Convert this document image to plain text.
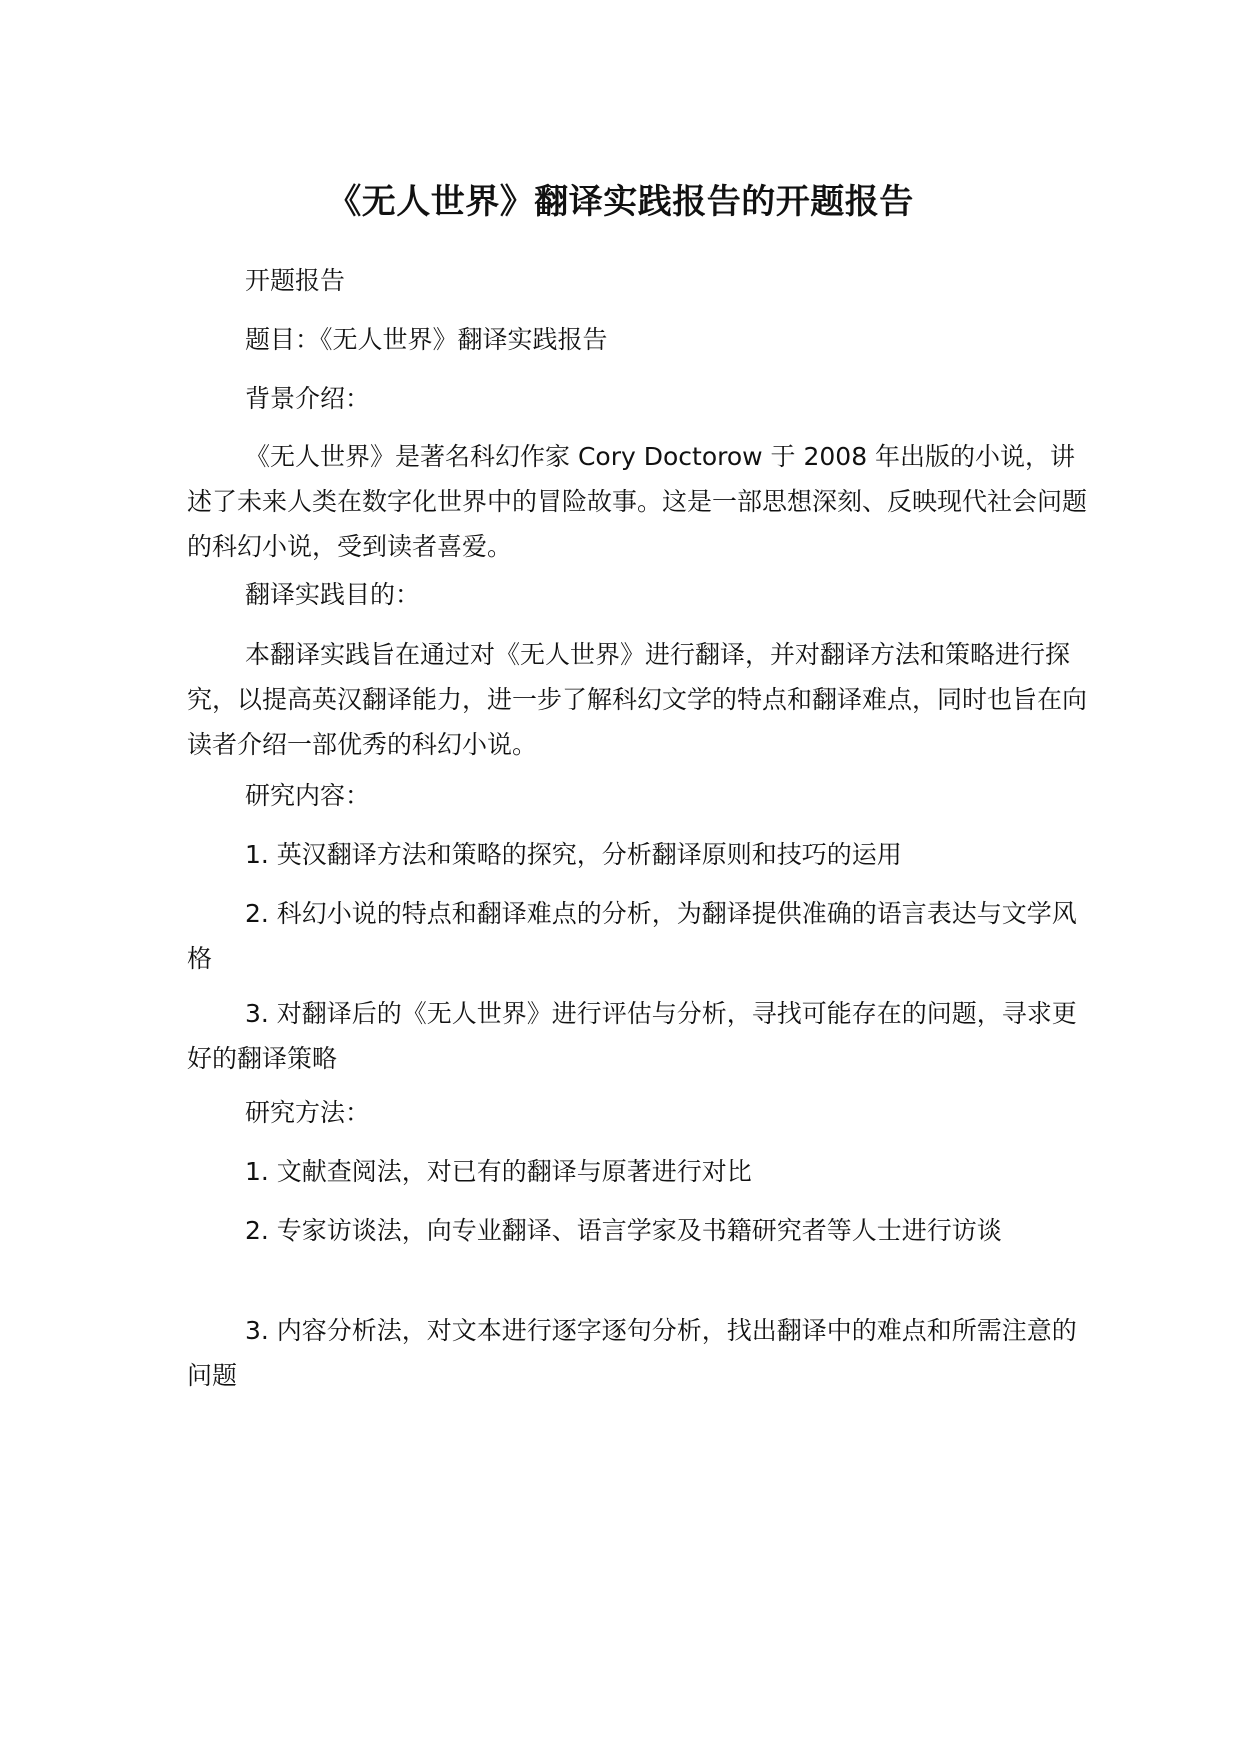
《无人世界》翻译实践报告的开题报告

开题报告

题目：《无人世界》翻译实践报告

背景介绍：

《无人世界》是著名科幻作家 Cory Doctorow 于 2008 年出版的小说，讲述了未来人类在数字化世界中的冒险故事。这是一部思想深刻、反映现代社会问题的科幻小说，受到读者喜爱。

翻译实践目的：

本翻译实践旨在通过对《无人世界》进行翻译，并对翻译方法和策略进行探究，以提高英汉翻译能力，进一步了解科幻文学的特点和翻译难点，同时也旨在向读者介绍一部优秀的科幻小说。

研究内容：

1. 英汉翻译方法和策略的探究，分析翻译原则和技巧的运用

2. 科幻小说的特点和翻译难点的分析，为翻译提供准确的语言表达与文学风格

3. 对翻译后的《无人世界》进行评估与分析，寻找可能存在的问题，寻求更好的翻译策略

研究方法：

1. 文献查阅法，对已有的翻译与原著进行对比

2. 专家访谈法，向专业翻译、语言学家及书籍研究者等人士进行访谈

3. 内容分析法，对文本进行逐字逐句分析，找出翻译中的难点和所需注意的问题
